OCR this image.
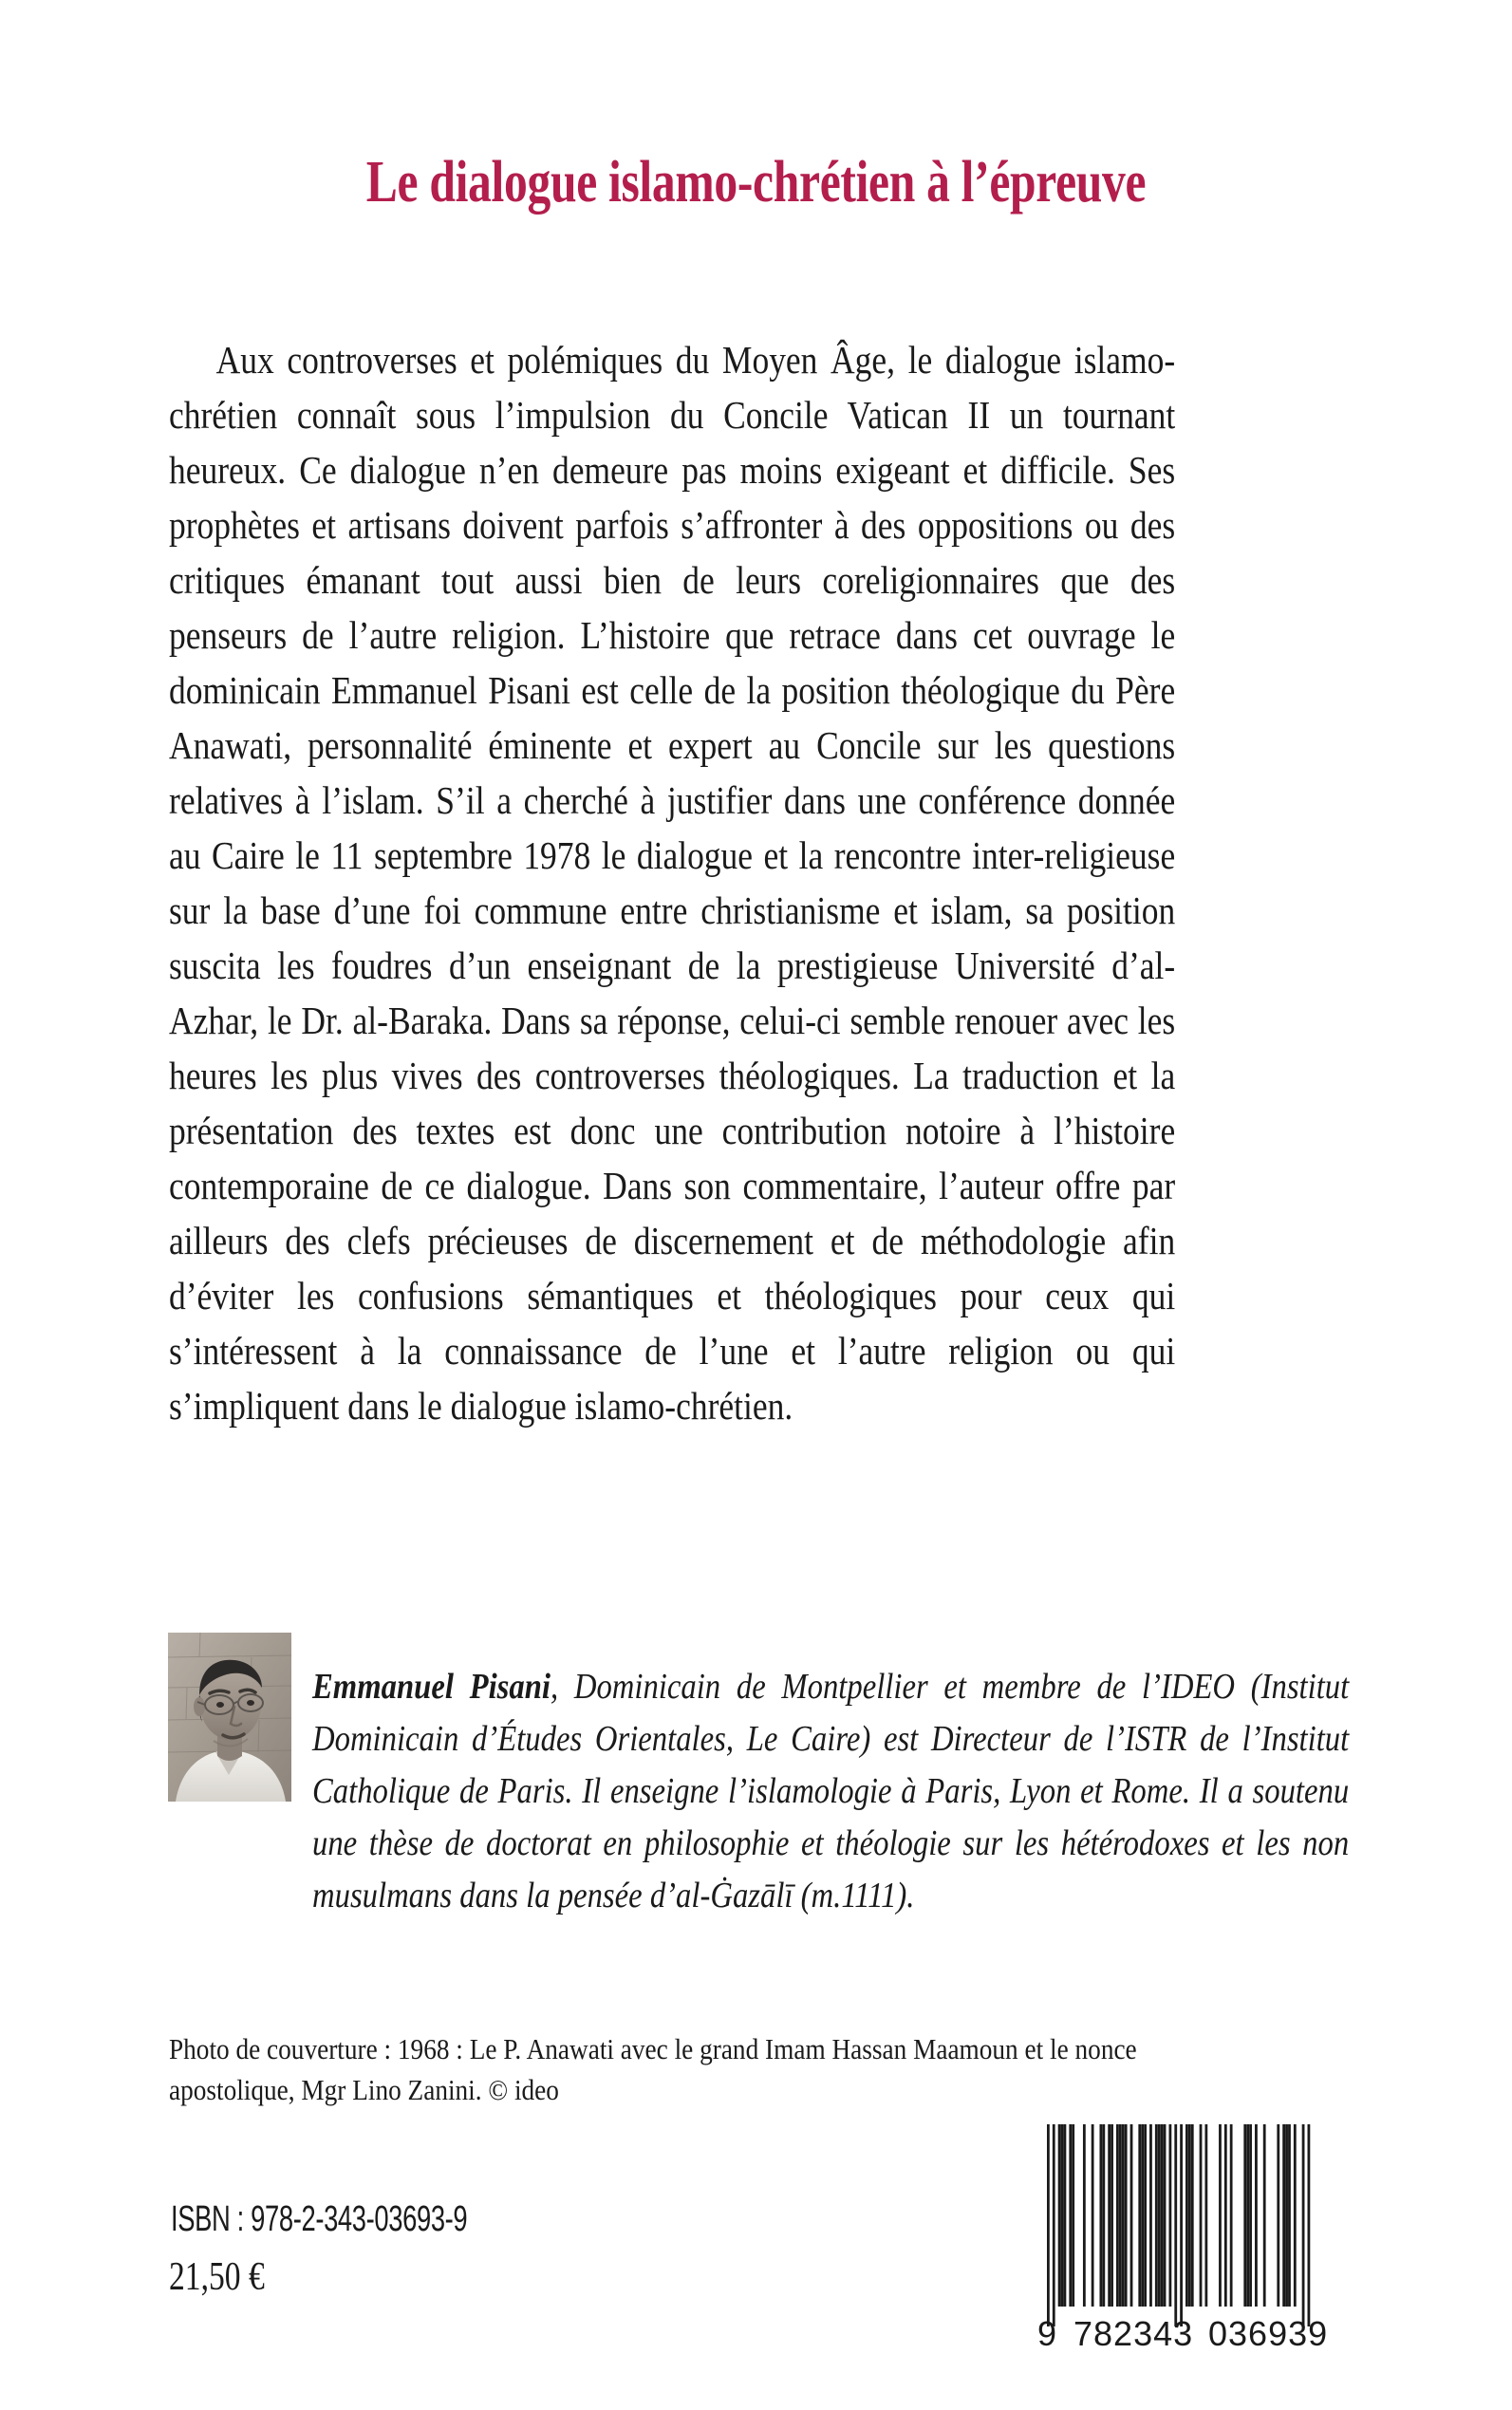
Le dialogue islamo-chrétien à l’épreuve
Aux controverses et polémiques du Moyen Âge, le dialogue islamo-chrétien connaît sous l’impulsion du Concile Vatican II un tournant heureux. Ce dialogue n’en demeure pas moins exigeant et difficile. Ses prophètes et artisans doivent parfois s’affronter à des oppositions ou des critiques émanant tout aussi bien de leurs coreligionnaires que des penseurs de l’autre religion. L’histoire que retrace dans cet ouvrage le dominicain Emmanuel Pisani est celle de la position théologique du Père Anawati, personnalité éminente et expert au Concile sur les questions relatives à l’islam. S’il a cherché à justifier dans une conférence donnée au Caire le 11 septembre 1978 le dialogue et la rencontre inter-religieuse sur la base d’une foi commune entre christianisme et islam, sa position suscita les foudres d’un enseignant de la prestigieuse Université d’al-Azhar, le Dr. al-Baraka. Dans sa réponse, celui-ci semble renouer avec les heures les plus vives des controverses théologiques. La traduction et la présentation des textes est donc une contribution notoire à l’histoire contemporaine de ce dialogue. Dans son commentaire, l’auteur offre par ailleurs des clefs précieuses de discernement et de méthodologie afin d’éviter les confusions sémantiques et théologiques pour ceux qui s’intéressent à la connaissance de l’une et l’autre religion ou qui s’impliquent dans le dialogue islamo-chrétien.

Emmanuel Pisani, Dominicain de Montpellier et membre de l’IDEO (Institut Dominicain d’Études Orientales, Le Caire) est Directeur de l’ISTR de l’Institut Catholique de Paris. Il enseigne l’islamologie à Paris, Lyon et Rome. Il a soutenu une thèse de doctorat en philosophie et théologie sur les hétérodoxes et les non musulmans dans la pensée d’al-Ġazālī (m.1111).

Photo de couverture : 1968 : Le P. Anawati avec le grand Imam Hassan Maamoun et le nonce apostolique, Mgr Lino Zanini. © ideo
ISBN : 978-2-343-03693-9
21,50 €
9 782343 036939
